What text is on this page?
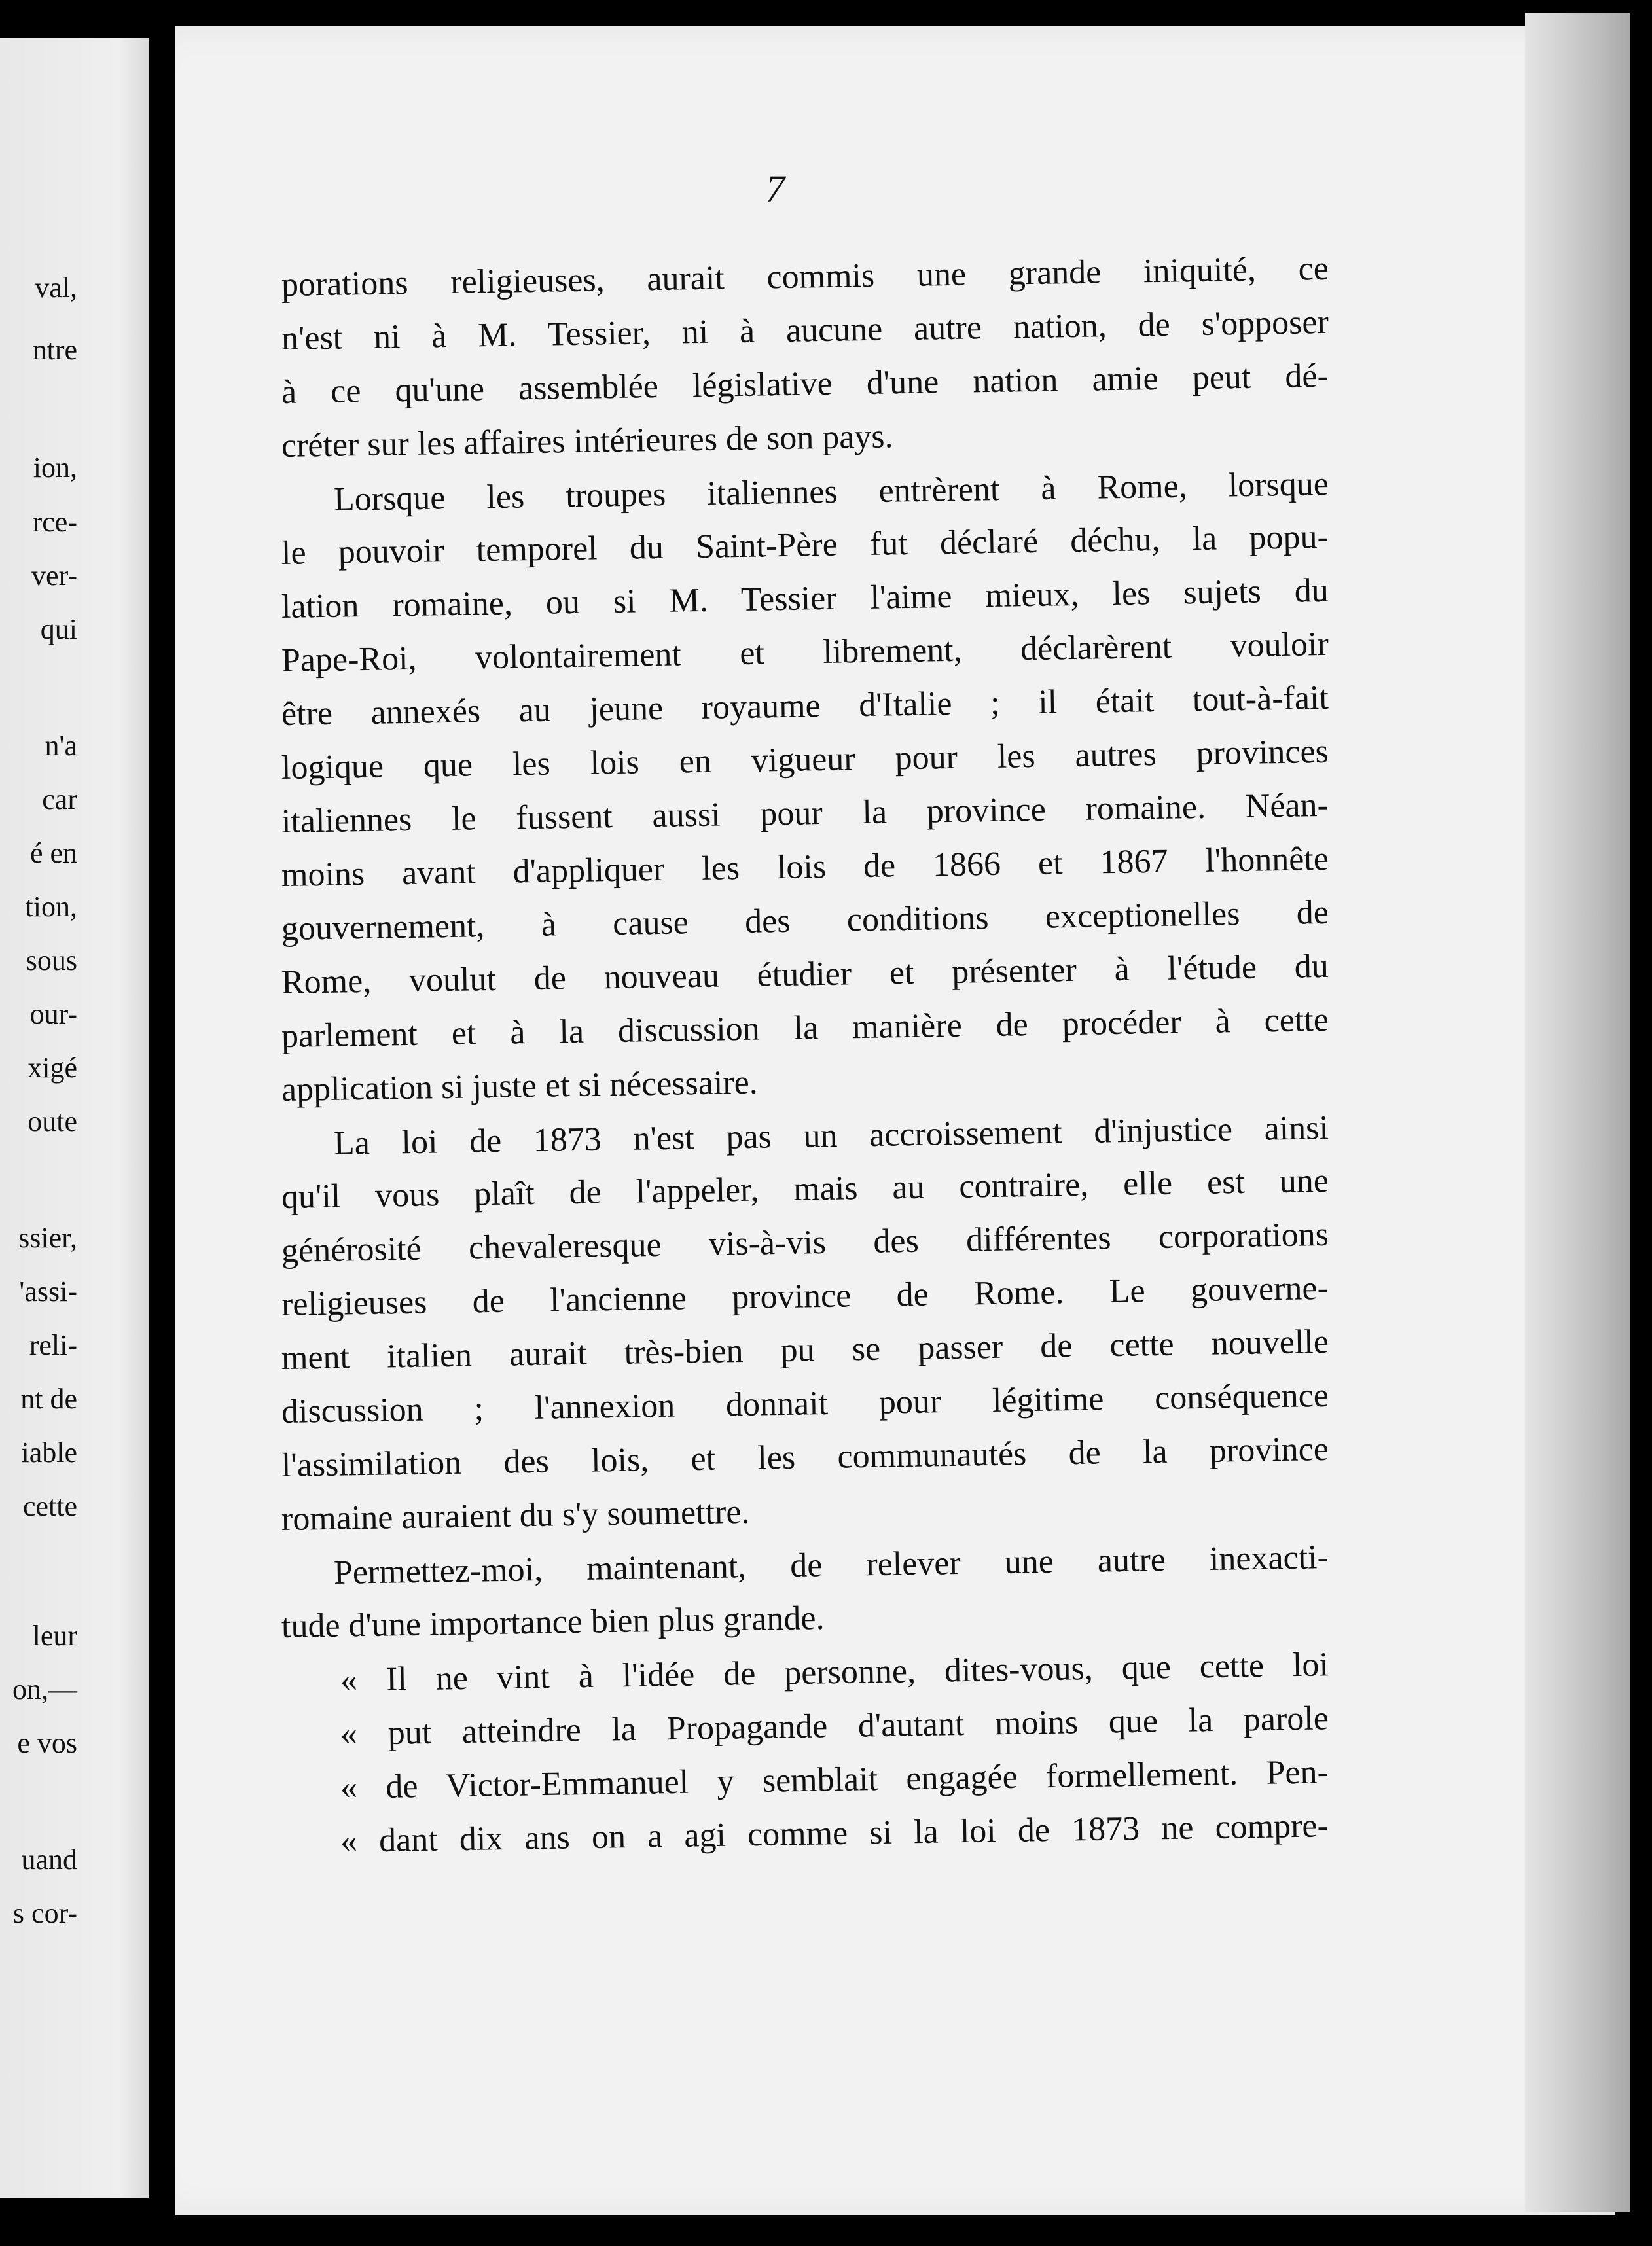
val,
ntre
ion,
rce-
ver-
qui
n'a
car
é en
tion,
sous
our-
xigé
oute
ssier,
'assi-
reli-
nt de
iable
cette
leur
on,—
e vos
uand
s cor-
7
porations religieuses, aurait commis une grande iniquité, ce
n'est ni à M. Tessier, ni à aucune autre nation, de s'opposer
à ce qu'une assemblée législative d'une nation amie peut dé-
créter sur les affaires intérieures de son pays.
Lorsque les troupes italiennes entrèrent à Rome, lorsque
le pouvoir temporel du Saint-Père fut déclaré déchu, la popu-
lation romaine, ou si M. Tessier l'aime mieux, les sujets du
Pape-Roi, volontairement et librement, déclarèrent vouloir
être annexés au jeune royaume d'Italie ; il était tout-à-fait
logique que les lois en vigueur pour les autres provinces
italiennes le fussent aussi pour la province romaine. Néan-
moins avant d'appliquer les lois de 1866 et 1867 l'honnête
gouvernement, à cause des conditions exceptionelles de
Rome, voulut de nouveau étudier et présenter à l'étude du
parlement et à la discussion la manière de procéder à cette
application si juste et si nécessaire.
La loi de 1873 n'est pas un accroissement d'injustice ainsi
qu'il vous plaît de l'appeler, mais au contraire, elle est une
générosité chevaleresque vis-à-vis des différentes corporations
religieuses de l'ancienne province de Rome. Le gouverne-
ment italien aurait très-bien pu se passer de cette nouvelle
discussion ; l'annexion donnait pour légitime conséquence
l'assimilation des lois, et les communautés de la province
romaine auraient du s'y soumettre.
Permettez-moi, maintenant, de relever une autre inexacti-
tude d'une importance bien plus grande.
« Il ne vint à l'idée de personne, dites-vous, que cette loi
« put atteindre la Propagande d'autant moins que la parole
« de Victor-Emmanuel y semblait engagée formellement. Pen-
« dant dix ans on a agi comme si la loi de 1873 ne compre-
